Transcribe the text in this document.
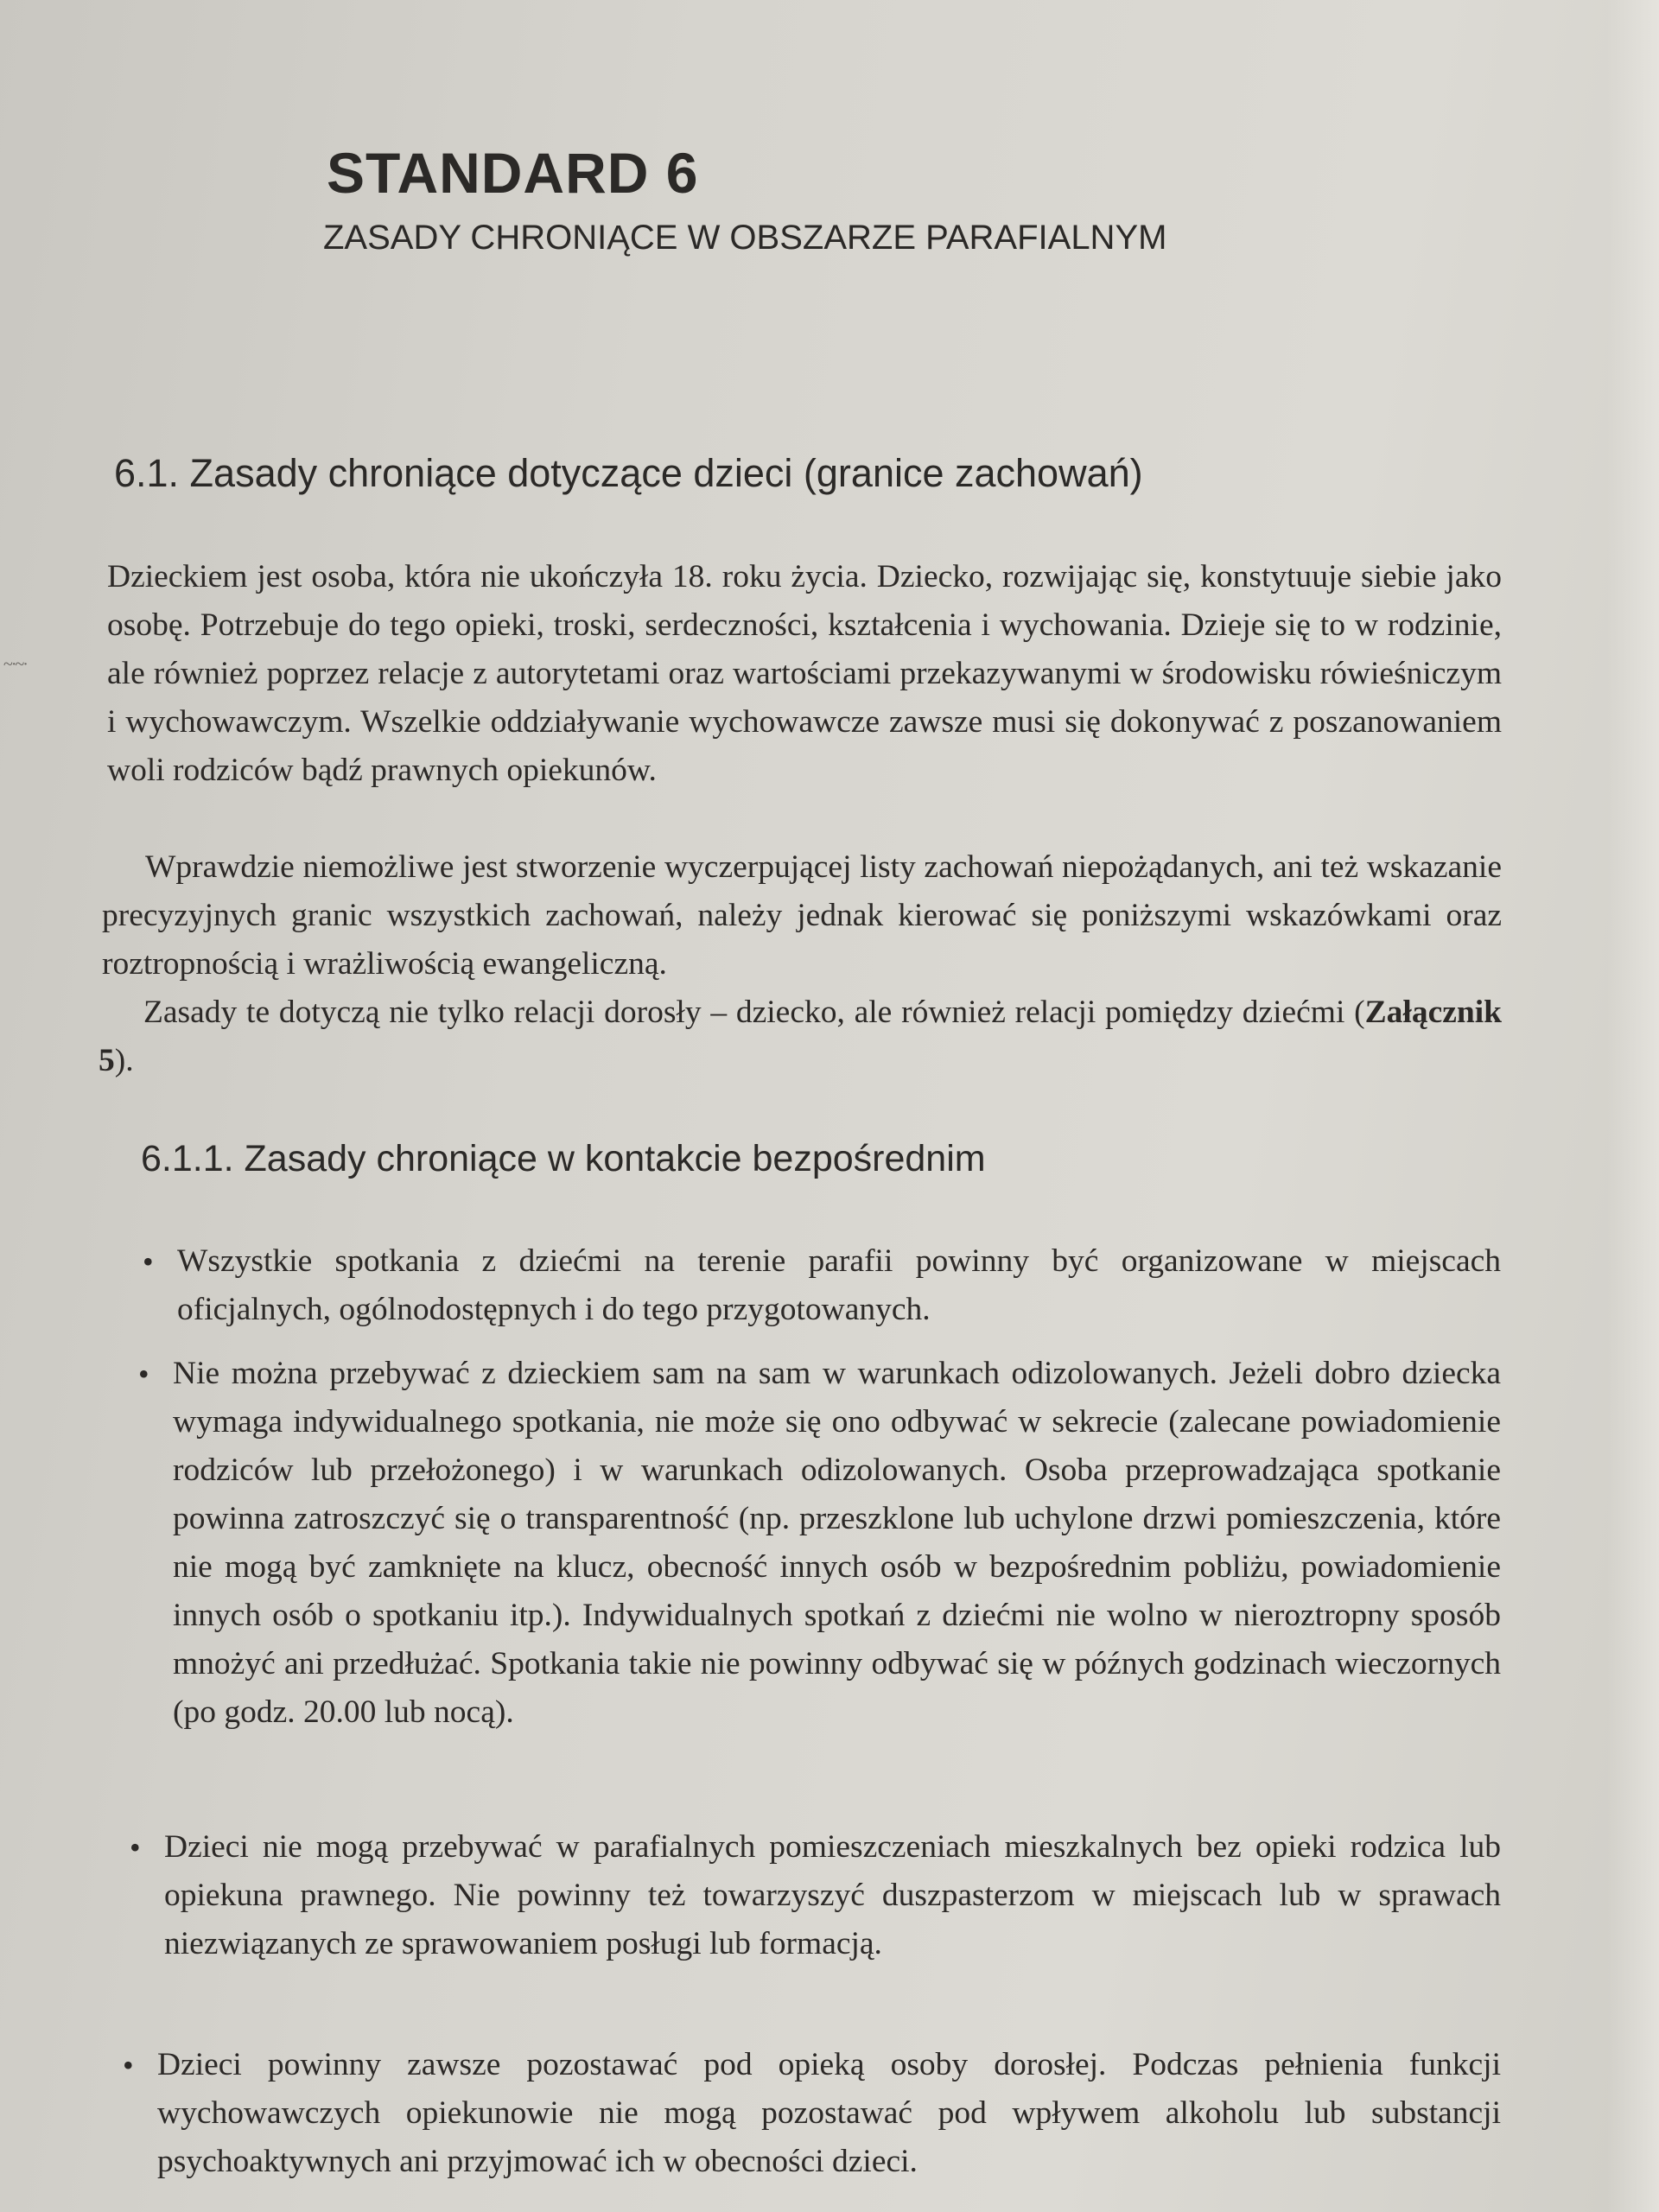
~·~·
STANDARD 6
ZASADY CHRONIĄCE W OBSZARZE PARAFIALNYM
6.1. Zasady chroniące dotyczące dzieci (granice zachowań)

Dzieckiem jest osoba, która nie ukończyła 18. roku życia. Dziecko, rozwijając się, konstytuuje siebie jako osobę. Potrzebuje do tego opieki, troski, serdeczności, kształcenia i wychowania. Dzieje się to w rodzinie, ale również poprzez relacje z autorytetami oraz wartościami przekazywanymi w środowisku rówieśniczym i wychowawczym. Wszelkie oddziaływanie wychowawcze zawsze musi się dokonywać z poszanowaniem woli rodziców bądź prawnych opiekunów.

Wprawdzie niemożliwe jest stworzenie wyczerpującej listy zachowań niepożądanych, ani też wskazanie precyzyjnych granic wszystkich zachowań, należy jednak kierować się poniższymi wskazówkami oraz roztropnością i wrażliwością ewangeliczną.

Zasady te dotyczą nie tylko relacji dorosły – dziecko, ale również relacji pomiędzy dziećmi (Załącznik 5).

6.1.1. Zasady chroniące w kontakcie bezpośrednim
• Wszystkie spotkania z dziećmi na terenie parafii powinny być organizowane w miejscach oficjalnych, ogólnodostępnych i do tego przygotowanych.
• Nie można przebywać z dzieckiem sam na sam w warunkach odizolowanych. Jeżeli dobro dziecka wymaga indywidualnego spotkania, nie może się ono odbywać w sekrecie (zalecane powiadomienie rodziców lub przełożonego) i w warunkach odizolowanych. Osoba przeprowadzająca spotkanie powinna zatroszczyć się o transparentność (np. przeszklone lub uchylone drzwi pomieszczenia, które nie mogą być zamknięte na klucz, obecność innych osób w bezpośrednim pobliżu, powiadomienie innych osób o spotkaniu itp.). Indywidualnych spotkań z dziećmi nie wolno w nieroztropny sposób mnożyć ani przedłużać. Spotkania takie nie powinny odbywać się w późnych godzinach wieczornych (po godz. 20.00 lub nocą).
• Dzieci nie mogą przebywać w parafialnych pomieszczeniach mieszkalnych bez opieki rodzica lub opiekuna prawnego. Nie powinny też towarzyszyć duszpasterzom w miejscach lub w sprawach niezwiązanych ze sprawowaniem posługi lub formacją.
• Dzieci powinny zawsze pozostawać pod opieką osoby dorosłej. Podczas pełnienia funkcji wychowawczych opiekunowie nie mogą pozostawać pod wpływem alkoholu lub substancji psychoaktywnych ani przyjmować ich w obecności dzieci.
